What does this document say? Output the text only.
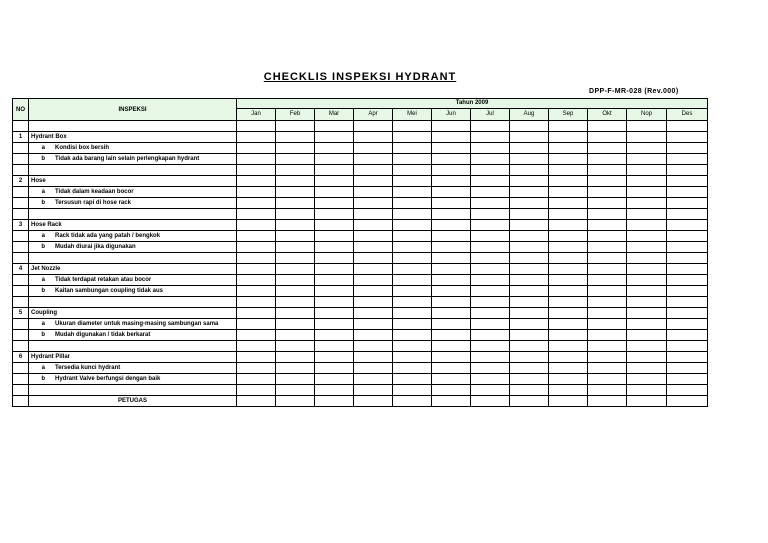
CHECKLIS INSPEKSI HYDRANT
DPP-F-MR-028 (Rev.000)
NO	INSPEKSI	Tahun 2009											
		Jan	Feb	Mar	Apr	Mei	Jun	Jul	Aug	Sep	Okt	Nop	Des

1	Hydrant Box												
	a Kondisi box bersih												
	b Tidak ada barang lain selain perlengkapan hydrant												

2	Hose												
	a Tidak dalam keadaan bocor												
	b Tersusun rapi di hose rack												

3	Hose Rack												
	a Rack tidak ada yang patah / bengkok												
	b Mudah diurai jika digunakan												

4	Jet Nozzle												
	a Tidak terdapat retakan atau bocor												
	b Kaitan sambungan coupling tidak aus												

5	Coupling												
	a Ukuran diameter untuk masing-masing sambungan sama												
	b Mudah digunakan / tidak berkarat												

6	Hydrant Pillar												
	a Tersedia kunci hydrant												
	b Hydrant Valve berfungsi dengan baik												

	PETUGAS												
